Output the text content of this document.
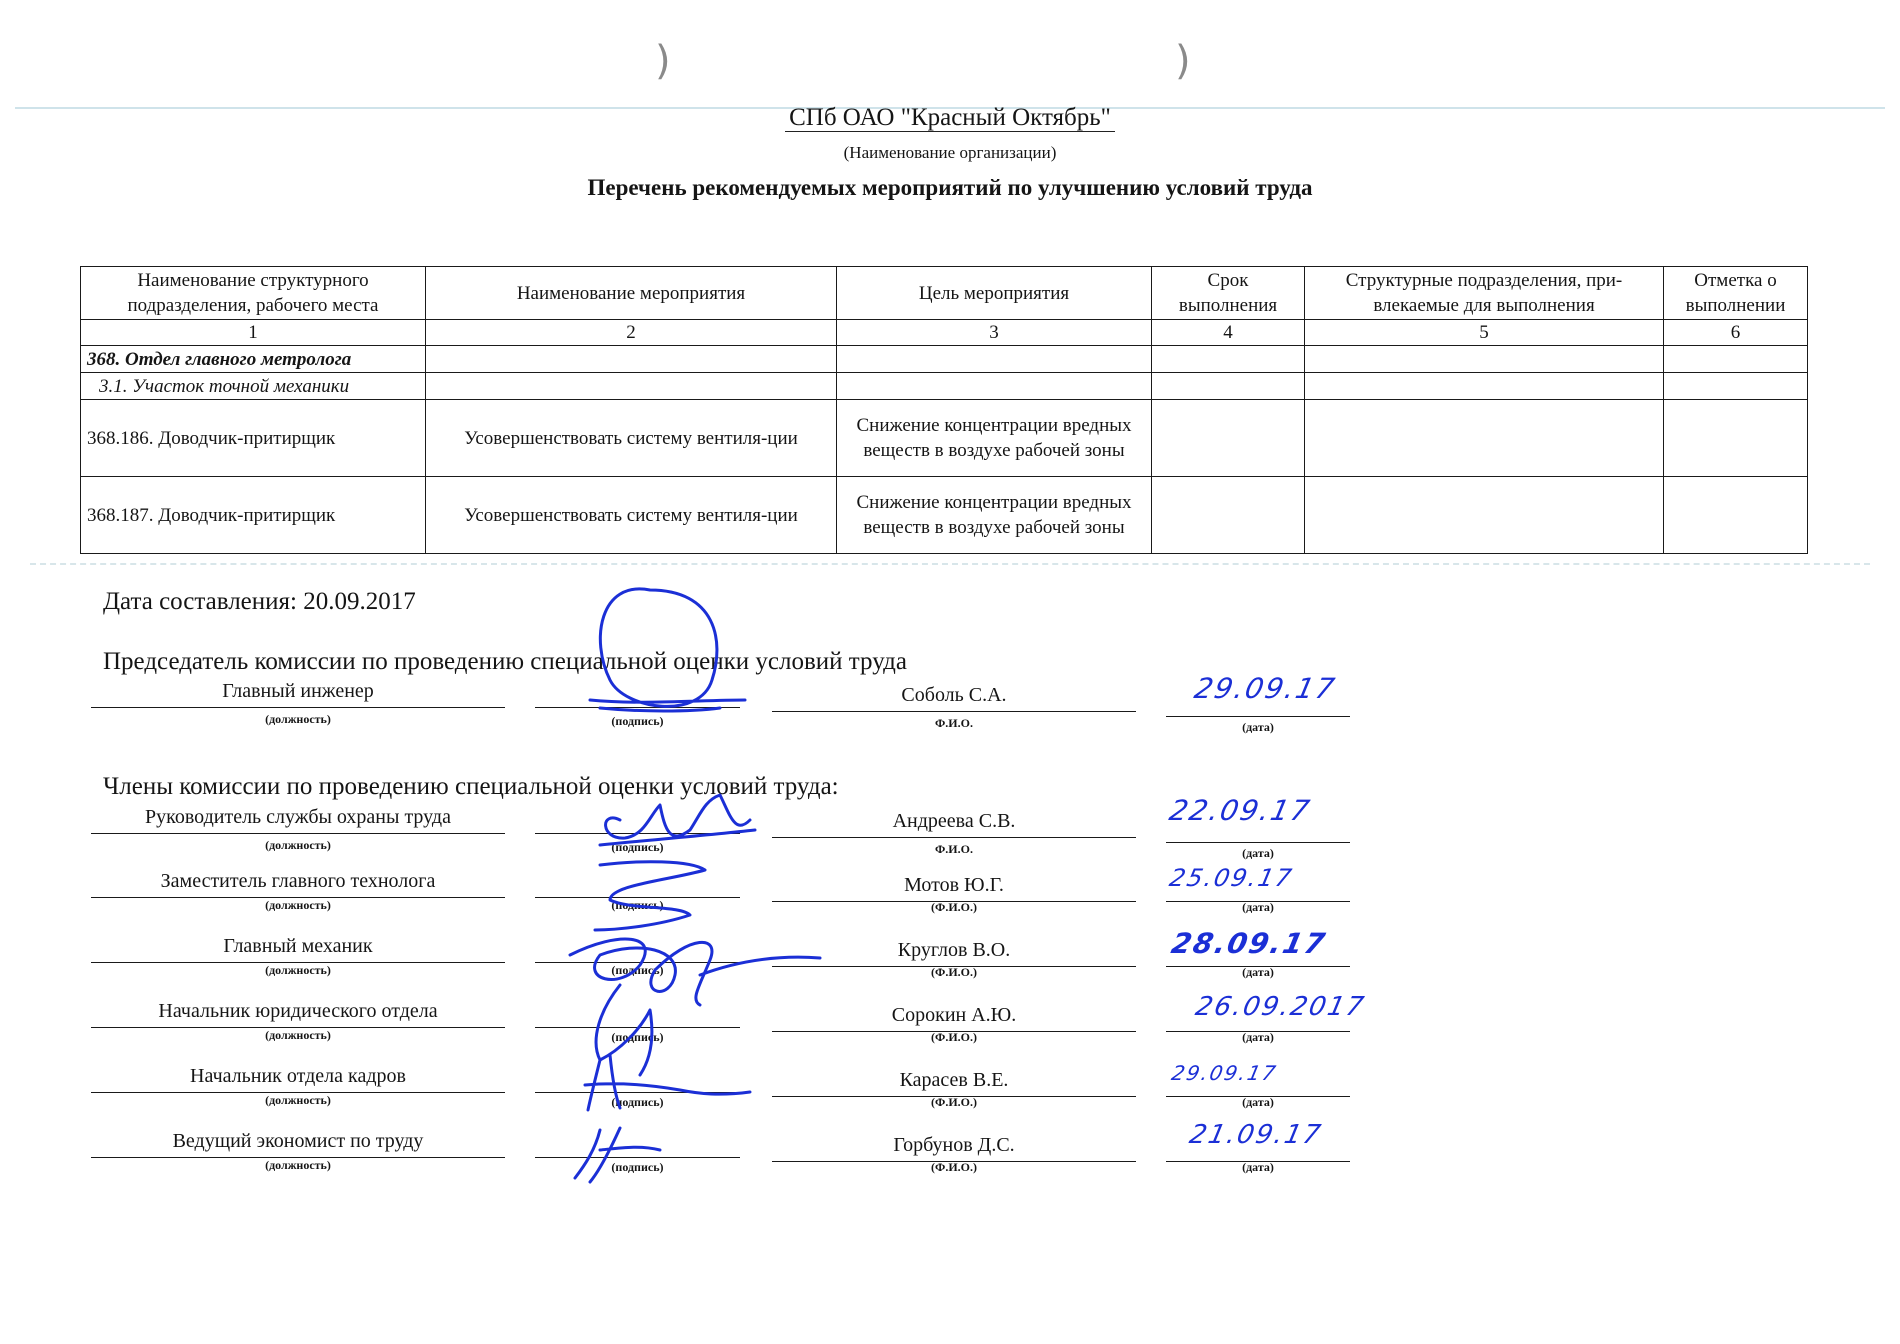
)	)
СПб ОАО "Красный Октябрь"
(Наименование организации)
Перечень рекомендуемых мероприятий по улучшению условий труда
Наименование структурного подразделения, рабочего места	Наименование мероприятия	Цель мероприятия	Срок выполнения	Структурные подразделения, при-влекаемые для выполнения	Отметка о выполнении
1	2	3	4	5	6
368. Отдел главного метролога					
3.1. Участок точной механики					
368.186. Доводчик-притирщик	Усовершенствовать систему вентиля-ции	Снижение концентрации вредных веществ в воздухе рабочей зоны			
368.187. Доводчик-притирщик	Усовершенствовать систему вентиля-ции	Снижение концентрации вредных веществ в воздухе рабочей зоны			
Дата составления: 20.09.2017
Председатель комиссии по проведению специальной оценки условий труда
Главный инженер
(должность)	(подпись)
Соболь С.А.
Ф.И.О.
29.09.17
(дата)
Члены комиссии по проведению специальной оценки условий труда:
Руководитель службы охраны труда
(должность)	(подпись)
Андреева С.В.
Ф.И.О.
22.09.17
(дата)
Заместитель главного технолога
(должность)	(подпись)
Мотов Ю.Г.
(Ф.И.О.)
25.09.17
(дата)
Главный механик
(должность)	(подпись)
Круглов В.О.
(Ф.И.О.)
28.09.17
(дата)
Начальник юридического отдела
(должность)	(подпись)
Сорокин А.Ю.
(Ф.И.О.)
26.09.2017
(дата)
Начальник отдела кадров
(должность)	(подпись)
Карасев В.Е.
(Ф.И.О.)
29.09.17
(дата)
Ведущий экономист по труду
(должность)	(подпись)
Горбунов Д.С.
(Ф.И.О.)
21.09.17
(дата)
